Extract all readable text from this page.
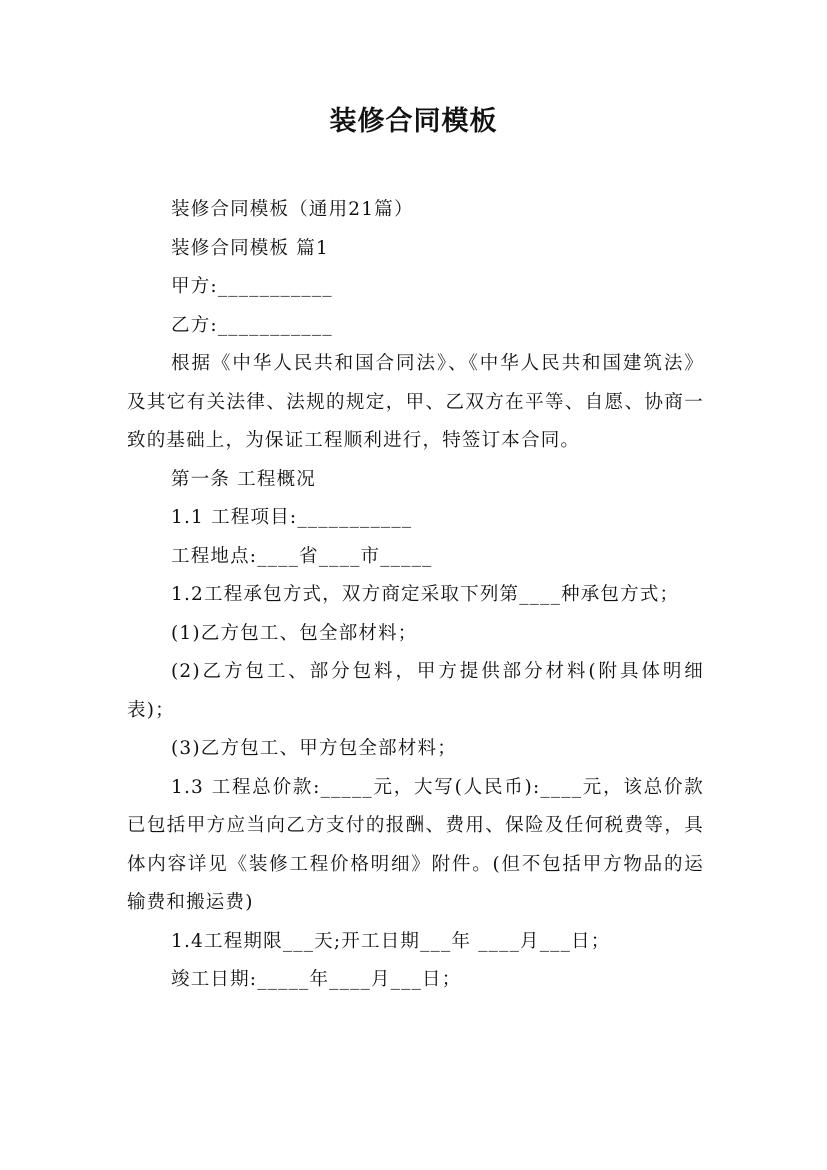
装修合同模板

装修合同模板（通用21篇）

装修合同模板 篇1

甲方:___________

乙方:___________

根据《中华人民共和国合同法》、《中华人民共和国建筑法》及其它有关法律、法规的规定，甲、乙双方在平等、自愿、协商一致的基础上，为保证工程顺利进行，特签订本合同。

第一条 工程概况

1.1 工程项目:___________

工程地点:____省____市_____

1.2工程承包方式，双方商定采取下列第____种承包方式；

(1)乙方包工、包全部材料；

(2)乙方包工、部分包料，甲方提供部分材料(附具体明细表)；

(3)乙方包工、甲方包全部材料；

1.3 工程总价款:_____元，大写(人民币):____元，该总价款已包括甲方应当向乙方支付的报酬、费用、保险及任何税费等，具体内容详见《装修工程价格明细》附件。(但不包括甲方物品的运输费和搬运费)

1.4工程期限___天;开工日期___年 ____月___日；

竣工日期:_____年____月___日；
